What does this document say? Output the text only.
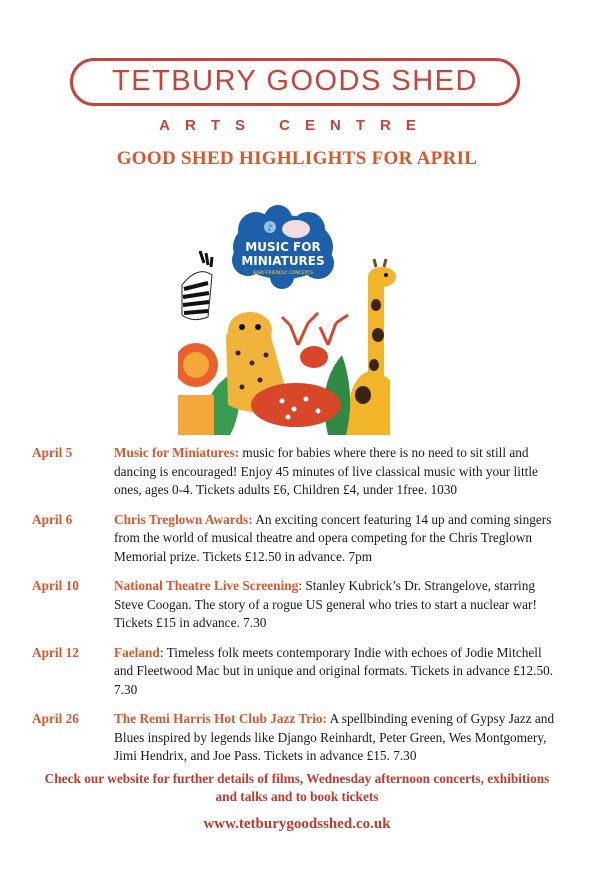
TETBURY GOODS SHED
ARTS CENTRE
GOOD SHED HIGHLIGHTS FOR APRIL
♪
MUSIC FOR
MINIATURES
BABY-FRIENDLY CONCERTS
April 5	Music for Miniatures: music for babies where there is no need to sit still and dancing is encouraged! Enjoy 45 minutes of live classical music with your little ones, ages 0-4. Tickets adults £6, Children £4, under 1free. 1030
April 6	Chris Treglown Awards: An exciting concert featuring 14 up and coming singers from the world of musical theatre and opera competing for the Chris Treglown Memorial prize. Tickets £12.50 in advance. 7pm
April 10	National Theatre Live Screening: Stanley Kubrick’s Dr. Strangelove, starring Steve Coogan. The story of a rogue US general who tries to start a nuclear war! Tickets £15 in advance. 7.30
April 12	Faeland: Timeless folk meets contemporary Indie with echoes of Jodie Mitchell and Fleetwood Mac but in unique and original formats. Tickets in advance £12.50. 7.30
April 26	The Remi Harris Hot Club Jazz Trio: A spellbinding evening of Gypsy Jazz and Blues inspired by legends like Django Reinhardt, Peter Green, Wes Montgomery, Jimi Hendrix, and Joe Pass. Tickets in advance £15. 7.30
Check our website for further details of films, Wednesday afternoon concerts, exhibitions and talks and to book tickets
www.tetburygoodsshed.co.uk
